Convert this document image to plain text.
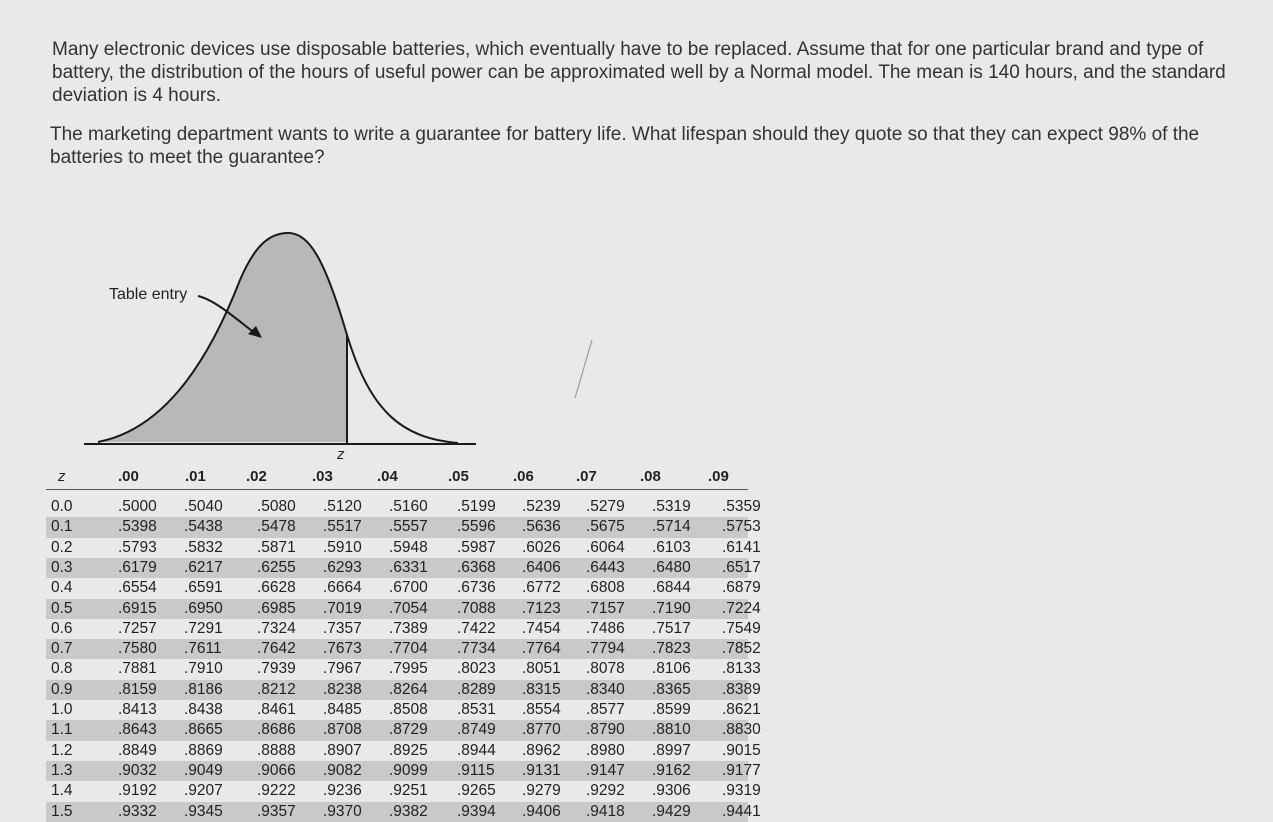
Many electronic devices use disposable batteries, which eventually have to be replaced. Assume that for one particular brand and type of battery, the distribution of the hours of useful power can be approximated well by a Normal model. The mean is 140 hours, and the standard deviation is 4 hours.
The marketing department wants to write a guarantee for battery life. What lifespan should they quote so that they can expect 98% of the batteries to meet the guarantee?
Table entry
z
z	.00	.01	.02	.03	.04	.05	.06	.07	.08	.09
0.0	.5000 .5040 .5080 .5120 .5160 .5199 .5239 .5279 .5319 .5359
0.1	.5398 .5438 .5478 .5517 .5557 .5596 .5636 .5675 .5714 .5753
0.2	.5793 .5832 .5871 .5910 .5948 .5987 .6026 .6064 .6103 .6141
0.3	.6179 .6217 .6255 .6293 .6331 .6368 .6406 .6443 .6480 .6517
0.4	.6554 .6591 .6628 .6664 .6700 .6736 .6772 .6808 .6844 .6879
0.5	.6915 .6950 .6985 .7019 .7054 .7088 .7123 .7157 .7190 .7224
0.6	.7257 .7291 .7324 .7357 .7389 .7422 .7454 .7486 .7517 .7549
0.7	.7580 .7611 .7642 .7673 .7704 .7734 .7764 .7794 .7823 .7852
0.8	.7881 .7910 .7939 .7967 .7995 .8023 .8051 .8078 .8106 .8133
0.9	.8159 .8186 .8212 .8238 .8264 .8289 .8315 .8340 .8365 .8389
1.0	.8413 .8438 .8461 .8485 .8508 .8531 .8554 .8577 .8599 .8621
1.1	.8643 .8665 .8686 .8708 .8729 .8749 .8770 .8790 .8810 .8830
1.2	.8849 .8869 .8888 .8907 .8925 .8944 .8962 .8980 .8997 .9015
1.3	.9032 .9049 .9066 .9082 .9099 .9115 .9131 .9147 .9162 .9177
1.4	.9192 .9207 .9222 .9236 .9251 .9265 .9279 .9292 .9306 .9319
1.5	.9332 .9345 .9357 .9370 .9382 .9394 .9406 .9418 .9429 .9441
